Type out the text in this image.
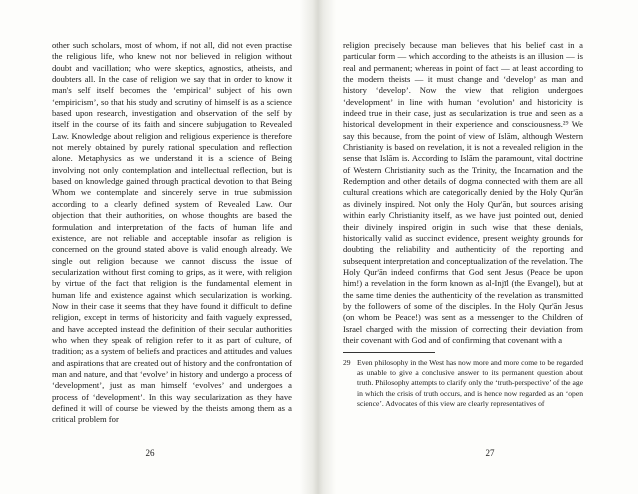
other such scholars, most of whom, if not all, did not even practise the religious life, who knew not nor believed in religion without doubt and vacillation; who were skeptics, agnostics, atheists, and doubters all. In the case of religion we say that in order to know it man's self itself becomes the ‘empirical’ subject of his own ‘empiricism’, so that his study and scrutiny of himself is as a science based upon research, investigation and observation of the self by itself in the course of its faith and sincere subjugation to Revealed Law. Knowledge about religion and religious experience is therefore not merely obtained by purely rational speculation and reflection alone. Metaphysics as we understand it is a science of Being involving not only contemplation and intellectual reflection, but is based on knowledge gained through practical devotion to that Being Whom we contemplate and sincerely serve in true submission according to a clearly defined system of Revealed Law. Our objection that their authorities, on whose thoughts are based the formulation and interpretation of the facts of human life and existence, are not reliable and acceptable insofar as religion is concerned on the ground stated above is valid enough already. We single out religion because we cannot discuss the issue of secularization without first coming to grips, as it were, with religion by virtue of the fact that religion is the fundamental element in human life and existence against which secularization is working. Now in their case it seems that they have found it difficult to define religion, except in terms of historicity and faith vaguely expressed, and have accepted instead the definition of their secular authorities who when they speak of religion refer to it as part of culture, of tradition; as a system of beliefs and practices and attitudes and values and aspirations that are created out of history and the confrontation of man and nature, and that ‘evolve’ in history and undergo a process of ‘development’, just as man himself ‘evolves’ and undergoes a process of ‘development’. In this way secularization as they have defined it will of course be viewed by the theists among them as a critical problem for

26

religion precisely because man believes that his belief cast in a particular form — which according to the atheists is an illusion — is real and permanent; whereas in point of fact — at least according to the modern theists — it must change and ‘develop’ as man and history ‘develop’. Now the view that religion undergoes ‘development’ in line with human ‘evolution’ and historicity is indeed true in their case, just as secularization is true and seen as a historical development in their experience and consciousness.²⁹ We say this because, from the point of view of Islām, although Western Christianity is based on revelation, it is not a revealed religion in the sense that Islām is. According to Islām the paramount, vital doctrine of Western Christianity such as the Trinity, the Incarnation and the Redemption and other details of dogma connected with them are all cultural creations which are categorically denied by the Holy Qur'ān as divinely inspired. Not only the Holy Qur'ān, but sources arising within early Christianity itself, as we have just pointed out, denied their divinely inspired origin in such wise that these denials, historically valid as succinct evidence, present weighty grounds for doubting the reliability and authenticity of the reporting and subsequent interpretation and conceptualization of the revelation. The Holy Qur'ān indeed confirms that God sent Jesus (Peace be upon him!) a revelation in the form known as al-Injīl (the Evangel), but at the same time denies the authenticity of the revelation as transmitted by the followers of some of the disciples. In the Holy Qur'ān Jesus (on whom be Peace!) was sent as a messenger to the Children of Israel charged with the mission of correcting their deviation from their covenant with God and of confirming that covenant with a

29 Even philosophy in the West has now more and more come to be regarded as unable to give a conclusive answer to its permanent question about truth. Philosophy attempts to clarify only the ‘truth-perspective’ of the age in which the crisis of truth occurs, and is hence now regarded as an ‘open science’. Advocates of this view are clearly representatives of
27
